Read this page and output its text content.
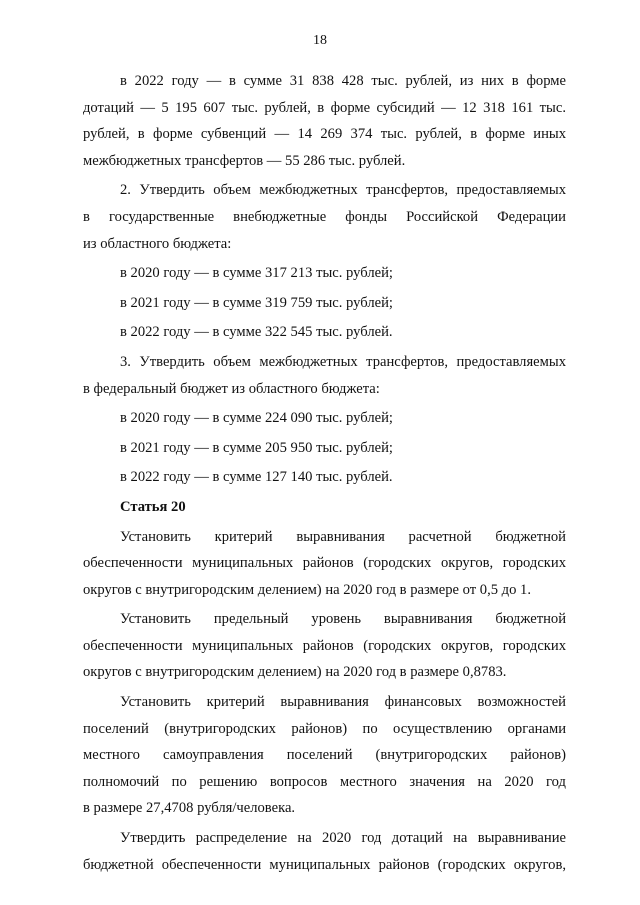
18
в 2022 году — в сумме 31 838 428 тыс. рублей, из них в форме
дотаций — 5 195 607 тыс. рублей, в форме субсидий — 12 318 161 тыс.
рублей, в форме субвенций — 14 269 374 тыс. рублей, в форме иных
межбюджетных трансфертов — 55 286 тыс. рублей.
2. Утвердить объем межбюджетных трансфертов, предоставляемых
в государственные внебюджетные фонды Российской Федерации
из областного бюджета:
в 2020 году — в сумме 317 213 тыс. рублей;
в 2021 году — в сумме 319 759 тыс. рублей;
в 2022 году — в сумме 322 545 тыс. рублей.
3. Утвердить объем межбюджетных трансфертов, предоставляемых
в федеральный бюджет из областного бюджета:
в 2020 году — в сумме 224 090 тыс. рублей;
в 2021 году — в сумме 205 950 тыс. рублей;
в 2022 году — в сумме 127 140 тыс. рублей.
Статья 20
Установить критерий выравнивания расчетной бюджетной
обеспеченности муниципальных районов (городских округов, городских
округов с внутригородским делением) на 2020 год в размере от 0,5 до 1.
Установить предельный уровень выравнивания бюджетной
обеспеченности муниципальных районов (городских округов, городских
округов с внутригородским делением) на 2020 год в размере 0,8783.
Установить критерий выравнивания финансовых возможностей
поселений (внутригородских районов) по осуществлению органами
местного самоуправления поселений (внутригородских районов)
полномочий по решению вопросов местного значения на 2020 год
в размере 27,4708 рубля/человека.
Утвердить распределение на 2020 год дотаций на выравнивание
бюджетной обеспеченности муниципальных районов (городских округов,
